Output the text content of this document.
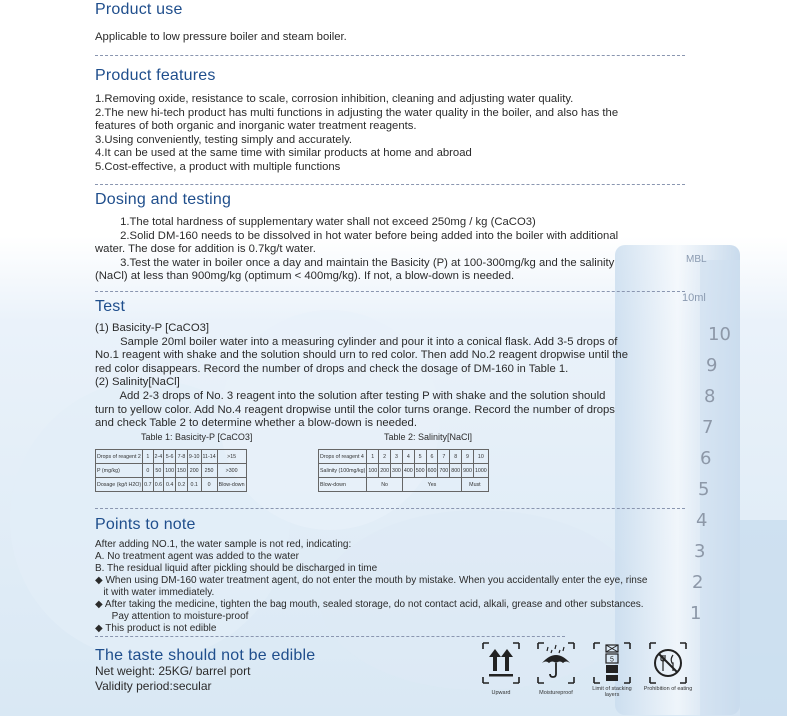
MBL
10ml
10
9
8
7
6
5
4
3
2
1
Product use
Applicable to low pressure boiler and steam boiler.
Product features
1.Removing oxide, resistance to scale, corrosion inhibition, cleaning and adjusting water quality.
2.The new hi-tech product has multi functions in adjusting the water quality in the boiler, and also has the
features of both organic and inorganic water treatment reagents.
3.Using conveniently, testing simply and accurately.
4.It can be used at the same time with similar products at home and abroad
5.Cost-effective, a product with multiple functions
Dosing and testing
1.The total hardness of supplementary water shall not exceed 250mg / kg (CaCO3)
2.Solid DM-160 needs to be dissolved in hot water before being added into the boiler with additional
water. The dose for addition is 0.7kg/t water.
3.Test the water in boiler once a day and maintain the Basicity (P) at 100-300mg/kg and the salinity
(NaCl) at less than 900mg/kg (optimum < 400mg/kg). If not, a blow-down is needed.
Test
(1) Basicity-P [CaCO3]
Sample 20ml boiler water into a measuring cylinder and pour it into a conical flask. Add 3-5 drops of
No.1 reagent with shake and the solution should urn to red color. Then add No.2 reagent dropwise until the
red color disappears. Record the number of drops and check the dosage of DM-160 in Table 1.
(2) Salinity[NaCl]
Add 2-3 drops of No. 3 reagent into the solution after testing P with shake and the solution should
turn to yellow color. Add No.4 reagent dropwise until the color turns orange. Record the number of drops
and check Table 2 to determine whether a blow-down is needed.
Table 1: Basicity-P [CaCO3]	Table 2: Salinity[NaCl]
Drops of reagent 2	1	2-4	5-6	7-8	9-10	11-14	>15
P (mg/kg)	0	50	100	150	200	250	>300
Dosage (kg/t H2O)	0.7	0.6	0.4	0.2	0.1	0	Blow-down
Drops of reagent 4	1	2	3	4	5	6	7	8	9	10
Salinity (100mg/kg)	100	200	300	400	500	600	700	800	900	1000
Blow-down	No			Yes					Must	
Points to note
After adding NO.1, the water sample is not red, indicating:
A. No treatment agent was added to the water
B. The residual liquid after pickling should be discharged in time
◆ When using DM-160 water treatment agent, do not enter the mouth by mistake. When you accidentally enter the eye, rinse
it with water immediately.
◆ After taking the medicine, tighten the bag mouth, sealed storage, do not contact acid, alkali, grease and other substances.
Pay attention to moisture-proof
◆ This product is not edible
The taste should not be edible
Net weight: 25KG/ barrel port
Validity period:secular	Upward	Moistureproof
5
Limit of stacking layers
Prohibition of eating
